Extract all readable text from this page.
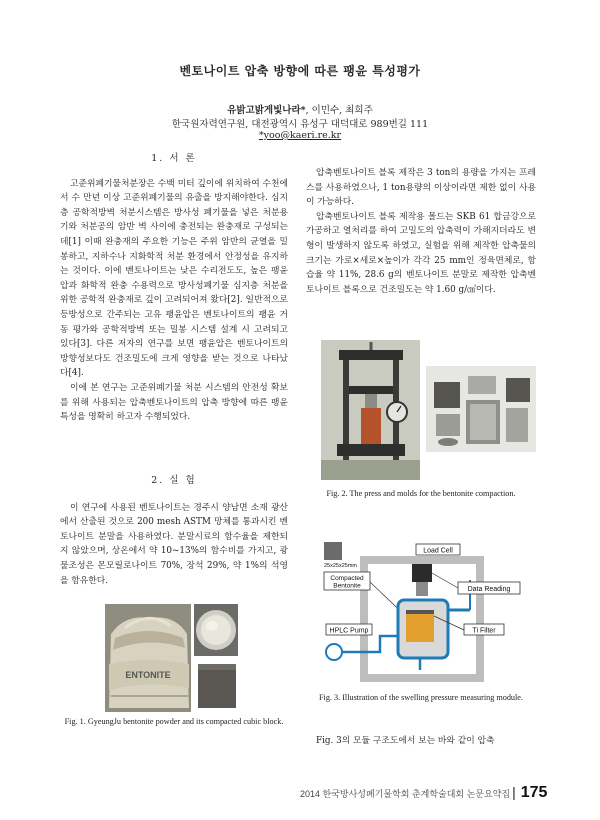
벤토나이트 압축 방향에 따른 팽윤 특성평가
유밝고밝게빛나라*, 이민수, 최희주
한국원자력연구원, 대전광역시 유성구 대덕대로 989번길 111
*yoo@kaeri.re.kr
1. 서 론

고준위폐기물처분장은 수백 미터 깊이에 위치하여 수천에서 수 만년 이상 고준위폐기물의 유출을 방지해야한다. 심지층 공학적방벽 처분시스템은 방사성 폐기물을 넣은 처분용기와 처분공의 암반 벽 사이에 충전되는 완충재로 구성되는데[1] 이때 완충재의 주요한 기능은 주위 암반의 균열을 밀봉하고, 지하수나 지화학적 처분 환경에서 안정성을 유지하는 것이다. 이에 벤토나이트는 낮은 수리전도도, 높은 팽윤압과 화학적 완충 수용력으로 방사성폐기물 심지층 처분을 위한 공학적 완충재로 깊이 고려되어져 왔다[2]. 일반적으로 등방성으로 간주되는 고유 팽윤압은 벤토나이트의 팽윤 거동 평가와 공학적방벽 또는 밀봉 시스템 설계 시 고려되고 있다[3]. 다른 저자의 연구를 보면 팽윤압은 벤토나이트의 방향성보다도 건조밀도에 크게 영향을 받는 것으로 나타났다[4].

이에 본 연구는 고준위폐기물 처분 시스템의 안전성 확보를 위해 사용되는 압축벤토나이트의 압축 방향에 따른 팽윤 특성을 명확히 하고자 수행되었다.

2. 실 험

이 연구에 사용된 벤토나이트는 경주시 양남면 소재 광산에서 산출된 것으로 200 mesh ASTM 망체를 통과시킨 벤토나이트 분말을 사용하였다. 분말시료의 함수율을 제한되지 않았으며, 상온에서 약 10~13%의 함수비를 가지고, 광물조성은 몬모릴로나이트 70%, 장석 29%, 약 1%의 석영을 함유한다.

압축벤토나이트 블록 제작은 3 ton의 용량을 가지는 프레스를 사용하였으나, 1 ton용량의 이상이라면 제한 없이 사용이 가능하다.

압축벤토나이트 블록 제작용 몰드는 SKB 61 합금강으로 가공하고 열처리를 하여 고밀도의 압축력이 가해지더라도 변형이 발생하지 않도록 하였고, 실험을 위해 제작한 압축물의 크기는 가로×세로×높이가 각각 25 mm인 정육면체로, 함습율 약 11%, 28.6 g의 벤토나이트 분말로 제작한 압축벤토나이트 블록으로 건조밀도는 약 1.60 g/㎤이다.

ENTONITE
Fig. 1. GyeungJu bentonite powder and its compacted cubic block.
Fig. 2. The press and molds for the bentonite compaction.
Load Cell
25x25x25mm
Compacted
Bentonite	Data Reading
HPLC Pump	Ti Filter
Fig. 3. Illustration of the swelling pressure measuring module.

Fig. 3의 모듈 구조도에서 보는 바와 같이 압축

2014 한국방사성폐기물학회 춘계학술대회 논문요약집 | 175
